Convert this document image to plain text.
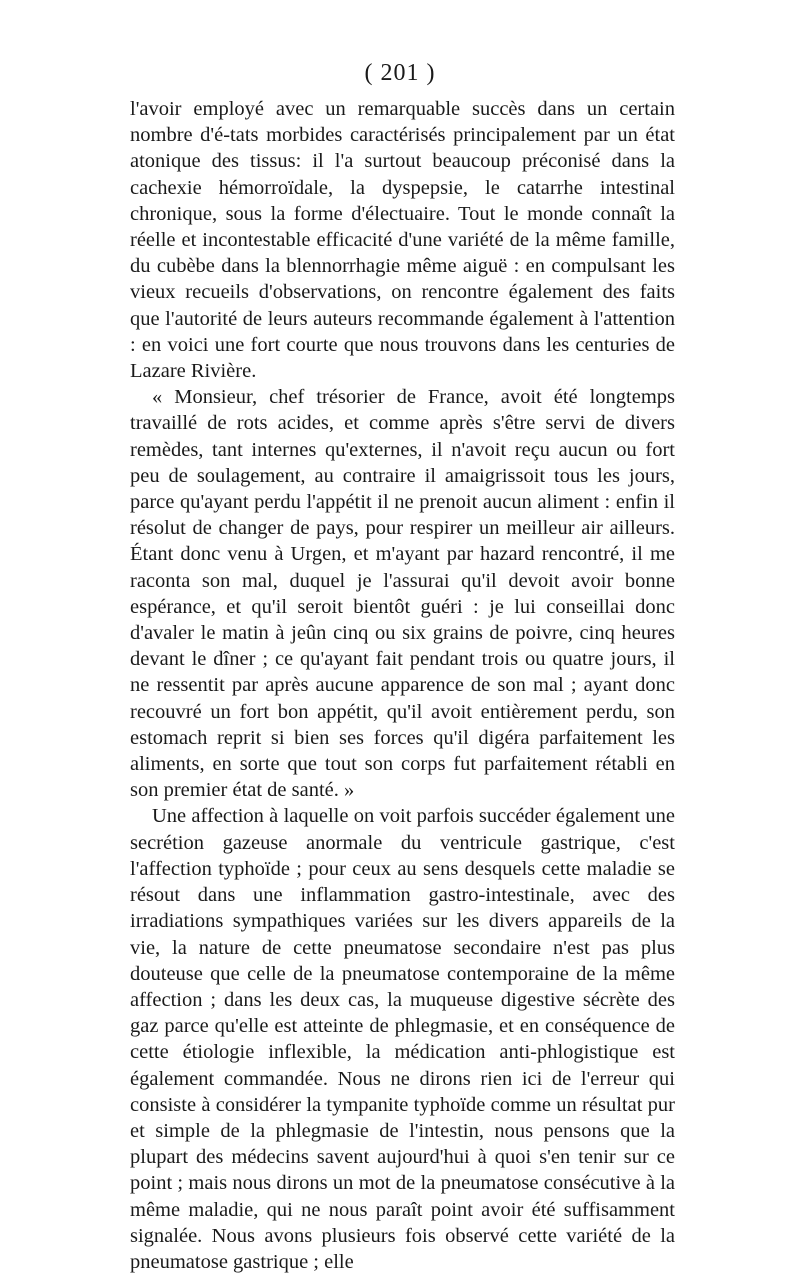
( 201 )

l'avoir employé avec un remarquable succès dans un certain nombre d'é-tats morbides caractérisés principalement par un état atonique des tissus: il l'a surtout beaucoup préconisé dans la cachexie hémorroïdale, la dyspepsie, le catarrhe intestinal chronique, sous la forme d'électuaire. Tout le monde connaît la réelle et incontestable efficacité d'une variété de la même famille, du cubèbe dans la blennorrhagie même aiguë : en compulsant les vieux recueils d'observations, on rencontre également des faits que l'autorité de leurs auteurs recommande également à l'attention : en voici une fort courte que nous trouvons dans les centuries de Lazare Rivière.

« Monsieur, chef trésorier de France, avoit été longtemps travaillé de rots acides, et comme après s'être servi de divers remèdes, tant internes qu'externes, il n'avoit reçu aucun ou fort peu de soulagement, au contraire il amaigrissoit tous les jours, parce qu'ayant perdu l'appétit il ne prenoit aucun aliment : enfin il résolut de changer de pays, pour respirer un meilleur air ailleurs. Étant donc venu à Urgen, et m'ayant par hazard rencontré, il me raconta son mal, duquel je l'assurai qu'il devoit avoir bonne espérance, et qu'il seroit bientôt guéri : je lui conseillai donc d'avaler le matin à jeûn cinq ou six grains de poivre, cinq heures devant le dîner ; ce qu'ayant fait pendant trois ou quatre jours, il ne ressentit par après aucune apparence de son mal ; ayant donc recouvré un fort bon appétit, qu'il avoit entièrement perdu, son estomach reprit si bien ses forces qu'il digéra parfaitement les aliments, en sorte que tout son corps fut parfaitement rétabli en son premier état de santé. »

Une affection à laquelle on voit parfois succéder également une secrétion gazeuse anormale du ventricule gastrique, c'est l'affection typhoïde ; pour ceux au sens desquels cette maladie se résout dans une inflammation gastro-intestinale, avec des irradiations sympathiques variées sur les divers appareils de la vie, la nature de cette pneumatose secondaire n'est pas plus douteuse que celle de la pneumatose contemporaine de la même affection ; dans les deux cas, la muqueuse digestive sécrète des gaz parce qu'elle est atteinte de phlegmasie, et en conséquence de cette étiologie inflexible, la médication anti-phlogistique est également commandée. Nous ne dirons rien ici de l'erreur qui consiste à considérer la tympanite typhoïde comme un résultat pur et simple de la phlegmasie de l'intestin, nous pensons que la plupart des médecins savent aujourd'hui à quoi s'en tenir sur ce point ; mais nous dirons un mot de la pneumatose consécutive à la même maladie, qui ne nous paraît point avoir été suffisamment signalée. Nous avons plusieurs fois observé cette variété de la pneumatose gastrique ; elle
